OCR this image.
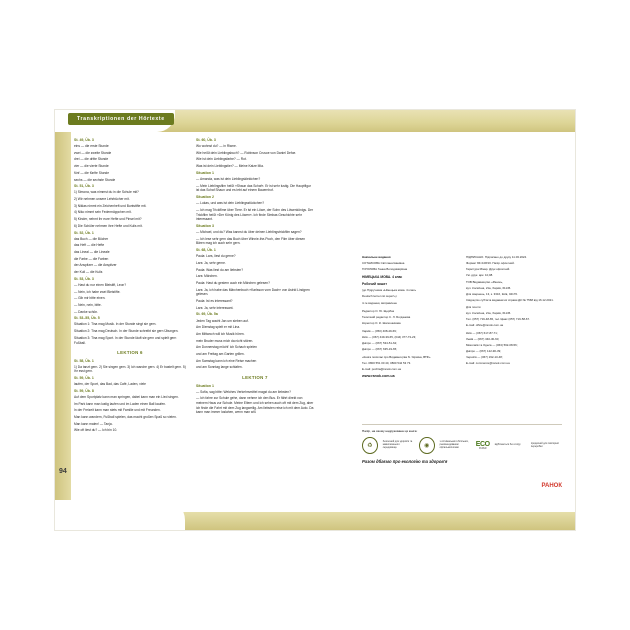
Transkriptionen der Hörtexte
94
St. 49, Üb. 3

eins — die erste Stunde

zwei — die zweite Stunde

drei — die dritte Stunde

vier — die vierte Stunde

fünf — die fünfte Stunde

sechs — die sechste Stunde

St. 51, Üb. 3

1) Simona, was nimmst du in die Schule mit?

2) Wir nehmen unsere Lehrbücher mit.

3) Niklas nimmt ein Zeichenheft und Buntstifte mit.

4) Niko nimmt sein Federmäppchen mit.

5) Kinder, nehmt ihr eure Hefte und Pinsel mit?

6) Die Schüler nehmen ihre Hefte und Kulis mit.

St. 52, Üb. 1

das Buch — die Bücher

das Heft — die Hefte

das Lineal — die Lineale

die Farbe — die Farben

der Anspitzer — die Anspitzer

der Kuli — die Kulis

St. 53, Üb. 3

— Hast du nur einen Bleistift, Leon?

— Nein, ich habe zwei Bleistifte.

— Gib mir bitte einen.

— Nein, nein, bitte.

— Danke schön.

St. 53–55, Üb. 5

Situation 1: Tina mag Musik. In der Stunde singt sie gern.

Situation 2: Tina mag Deutsch. In der Stunde schreibt sie gern Übungen.

Situation 3: Tina mag Sport. In der Stunde läuft sie gern und spielt gern Fußball.

LEKTION 6

St. 58, Üb. 1

1) Da tanzt gern. 2) Sie singen gern. 3) Ich wandre gern. 4) Er bastelt gern. 5) Ihr esst gern.

St. 59, Üb. 1

laufen, der Sport, das Bad, das Café, Laden, viele

St. 59, Üb. 8

Auf dem Sportplatz kann man springen, dabei kann man ein Lied singen.

Im Park kann man lustig laufen und im Laden einen Ball kaufen.

In der Freizeit kann man stets mit Familie und mit Freunden.

Man kann wandern, Fußball spielen, das macht großen Spaß so vielen.

Man kann malen! — Tanja.

Wie oft liest du? — Ich bin 10.

St. 60, Üb. 3

Wo wohnst du? — in Riwne.

Wie heißt dein Lieblingsbuch? — Robinson Crusoe von Daniel Defoe.

Wie ist dein Lieblingsfarbe? — Rot.

Was ist dein Lieblingstier? — Meine Katze Mia.

Situation 1

— Amanda, was ist dein Lieblingskleidchen?

— Mein Lieblingsfilm heißt »Shaun das Schaf«. Er ist sehr lustig. Die Hauptfigur ist das Schaf Shaun und es lebt auf einem Bauernhof.

Situation 2

— Lukas, und was ist dein Lieblingsstückchen?

— Ich mag Trickfilme über Tiere. Er ist ein Löwe, der Sohn des Löwenkönigs. Der Trickfilm heißt »Der König des Löwen«. Ich finde Simbas Geschichte sehr interessant.

Situation 3

— Michael, und du? Was kannst du über deinen Lieblingstrickfilm sagen?

— Ich lese sehr gern das Buch über Winnie-the-Pooh, den Film über diesen Bären mag ich auch sehr gern.

St. 68, Üb. 1

Paula: Lars, liest du gerne?

Lars: Ja, sehr gerne.

Paula: Was liest du am liebsten?

Lars: Märchen.

Paula: Hast du gestern auch ein Märchen gelesen?

Lars: Ja, ich habe das Märchenbuch »Karlsson vom Dach« von Astrid Lindgren gelesen.

Paula: Ist es interessant?

Lars: Ja, sehr interessant.

St. 69, Üb. 5a

Jeden Tag wacht Jan um sieben auf.

Am Dienstag spielt er mit Lina.

Am Mittwoch will ich Musik hören.

mein Bruder muss mich da nicht stören.

Am Donnerstag möcht' ich Schach spielen

und am Freitag am Garten grillen.

Am Samstag kann ich eine Reise machen

und am Sonntag lange schlafen.

LEKTION 7

Situation 1

— Sofia, sag bitte: Welches Verkehrsmittel magst du am liebsten?

— Ich fahre zur Schule gehe, dann nehme ich den Bus. Er fährt direkt von meinem Haus zur Schule. Meine Eltern und ich sehen auch oft mit dem Zug, aber ich finde die Fahrt mit dem Zug langweilig. Am liebsten reise ich mit dem Auto. Da kann man immer loslahen, wenn man will.

Навчальне видання

СОТНИКОВА Світлана Іванівна

ГОГОЛЄВА Ганна Володимирівна

НІМЕЦЬКА МОВА. 4 клас

Робочий зошит

(до Підручника «Німецька мова. 4 клас»

Deutsch lernen ist super!»)

4-те видання, виправлене

Редактор О. Ю. Щербак

Технічний редактор С. Л. Богданова

Коректор О. Є. Шапошнікова

Харків — (050) 408-49-69;

Київ — (067) 449-39-65, (044) 377-73-23;

Дніпро — (067) 534-51-62;

Дніпро — (067) 635-19-65;

«Книга посилає про Видавництва N. Україна, ВТФ»

Тел. 0800 551 00 40, 0800 544 53 73.

E-mail: pochta@ranok.com.ua

www.ranok.com.ua

ПІДПИСАНО. Підписано до друку 11.03.2024.

Формат 84×108/16. Папір офсетний.

Гарнітура Мінар. Друк офсетний.

Ум. друк. арк. 10,08.

ТОВ Видавництво «Ранок»,

вул. Космічна, 21а, Харків, 61145.

Для звернень, 13, к. 3316, Київ, 04176.

Свідоцтво суб'єкта видавничої справи ДК № 7568 від 16.12.2021.

Для пошти

вул. Космічна, 21а, Харків, 61145.

Тел. (057) 719-48-65, тел./факс (057) 719-58-67.

E-mail: office@ranok.com.ua

Київ — (067) 617-87-71;

Львів — (067) 340-30-60;

Миколаїв та Одеса — (063) 562-08-56;

Дніпро — (067) 122-90-39;

Чернігів — (067) 192-13-48;

E-mail: commerce@ranok.com.ua

Папір, на якому надрукована ця книга:

♻
безпечний для здоров'я та навколишнього середовища	◉
з оптимального-бiлiльних, рекомендованим офтальмологами	ECO
PAPER
відбілюється без хлору	придатний для повторної переробки
Разом дбаємо про екологію та здоров'я
РАНОК
